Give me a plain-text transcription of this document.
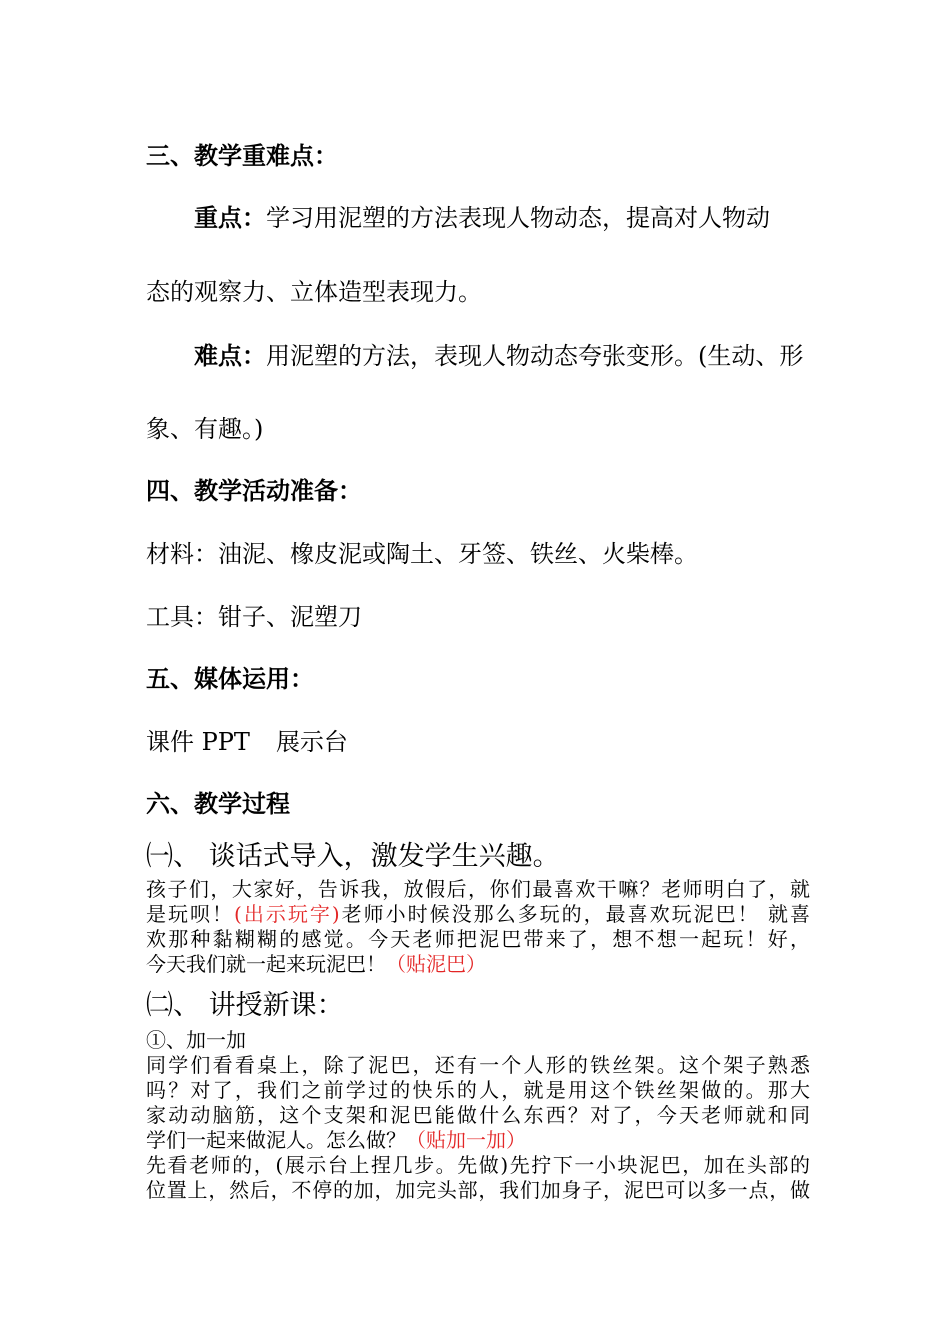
三、教学重难点：
重点：学习用泥塑的方法表现人物动态，提高对人物动
态的观察力、立体造型表现力。
难点：用泥塑的方法，表现人物动态夸张变形。(生动、形
象、有趣。)
四、教学活动准备：
材料：油泥、橡皮泥或陶土、牙签、铁丝、火柴棒。
工具：钳子、泥塑刀
五、媒体运用：
课件 PPT 展示台
六、教学过程
㈠、 谈话式导入，激发学生兴趣。
孩子们，大家好，告诉我，放假后，你们最喜欢干嘛？老师明白了，就
是玩呗！(出示玩字)老师小时候没那么多玩的，最喜欢玩泥巴！ 就喜
欢那种黏糊糊的感觉。今天老师把泥巴带来了，想不想一起玩！好，
今天我们就一起来玩泥巴！（贴泥巴）
㈡、 讲授新课：
①、加一加
同学们看看桌上，除了泥巴，还有一个人形的铁丝架。这个架子熟悉
吗？对了，我们之前学过的快乐的人，就是用这个铁丝架做的。那大
家动动脑筋，这个支架和泥巴能做什么东西？对了，今天老师就和同
学们一起来做泥人。怎么做？（贴加一加）
先看老师的，(展示台上捏几步。先做)先拧下一小块泥巴，加在头部的
位置上，然后，不停的加，加完头部，我们加身子，泥巴可以多一点，做
